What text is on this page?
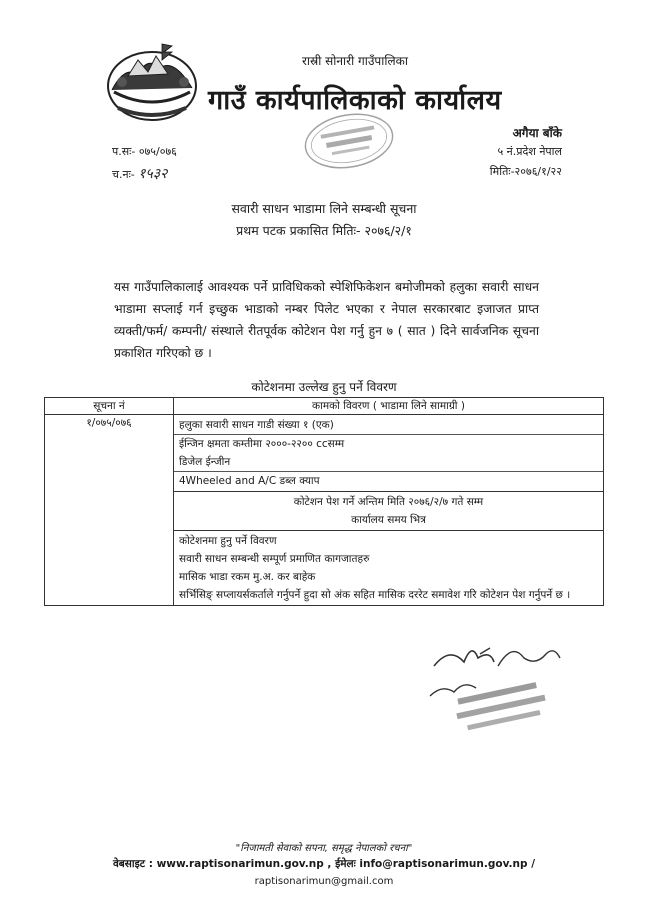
रास्री सोनारी गाउँपालिका
गाउँ कार्यपालिकाको कार्यालय
अगैया बाँके
५ नं.प्रदेश नेपाल
मितिः-२०७६/१/२२
प.सः- ०७५/०७६
च.नः- १५३२
सवारी साधन भाडामा लिने सम्बन्धी सूचना
प्रथम पटक प्रकासित मितिः- २०७६/२/१
यस गाउँपालिकालाई आवश्यक पर्ने प्राविधिकको स्पेशिफिकेशन बमोजीमको हलुका सवारी साधन भाडामा सप्लाई गर्न इच्छुक भाडाको नम्बर पिलेट भएका र नेपाल सरकारबाट इजाजत प्राप्त व्यक्ती/फर्म/ कम्पनी/ संस्थाले रीतपूर्वक कोटेशन पेश गर्नु हुन ७ ( सात ) दिने सार्वजनिक सूचना प्रकाशित गरिएको छ ।
कोटेशनमा उल्लेख हुनु पर्ने विवरण
सूचना नं	कामको विवरण ( भाडामा लिने सामाग्री )
१/०७५/०७६	हलुका सवारी साधन गाडी संख्या १ (एक)
ईन्जिन क्षमता कम्तीमा २०००-२२०० ccसम्म
डिजेल ईन्जीन
4Wheeled and A/C डब्ल क्याप

	कोटेशन पेश गर्ने अन्तिम मिति २०७६/२/७ गते सम्म
कार्यालय समय भित्र

	कोटेशनमा हुनु पर्ने विवरण
सवारी साधन सम्बन्धी सम्पूर्ण प्रमाणित कागजातहरु
मासिक भाडा रकम मु.अ. कर बाहेक
सर्भिसिङ् सप्लायर्सकर्ताले गर्नुपर्ने हुदा सो अंक सहित मासिक दररेट समावेश गरि कोटेशन पेश गर्नुपर्ने छ ।
"निजामती सेवाको सपना, समृद्ध नेपालको रचना"
वेबसाइट : www.raptisonarimun.gov.np , ईमेलः info@raptisonarimun.gov.np /
raptisonarimun@gmail.com
